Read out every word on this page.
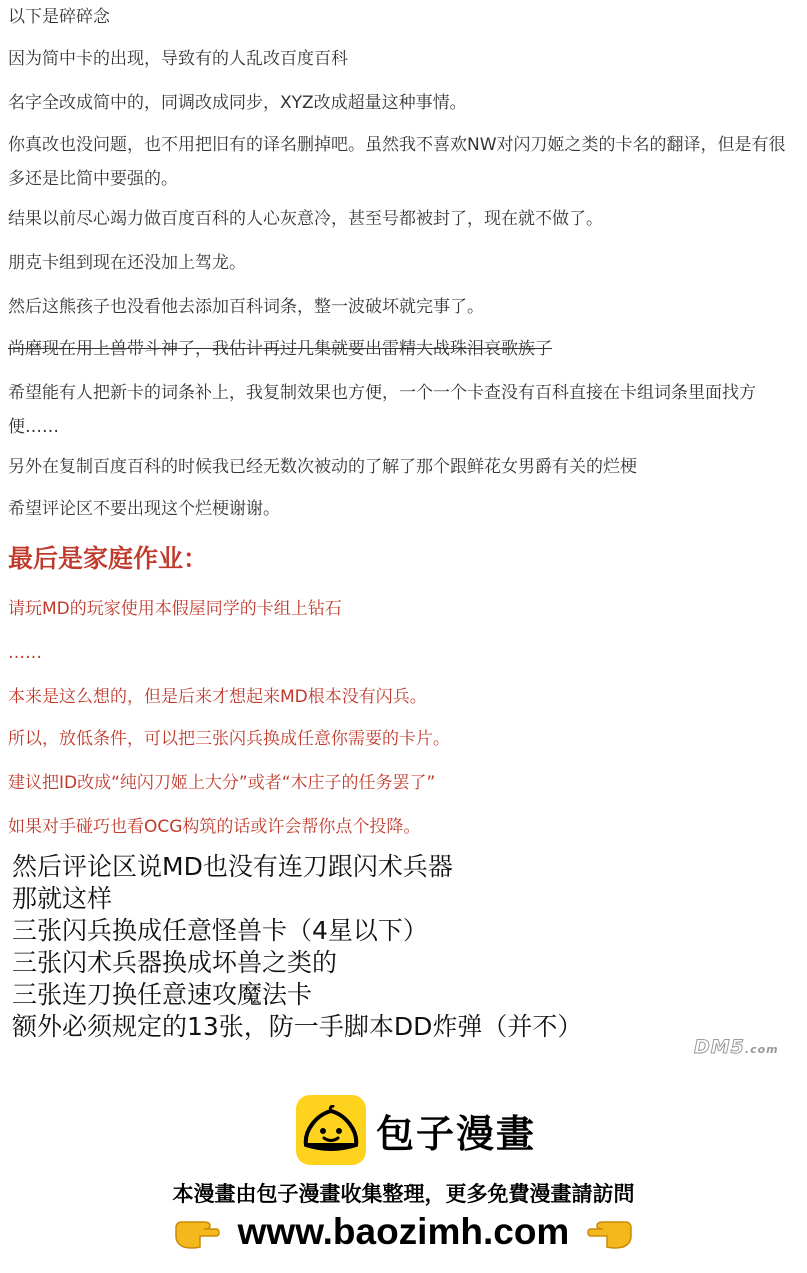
以下是碎碎念

因为简中卡的出现，导致有的人乱改百度百科

名字全改成简中的，同调改成同步，XYZ改成超量这种事情。

你真改也没问题，也不用把旧有的译名删掉吧。虽然我不喜欢NW对闪刀姬之类的卡名的翻译，但是有很多还是比简中要强的。

结果以前尽心竭力做百度百科的人心灰意冷，甚至号都被封了，现在就不做了。

朋克卡组到现在还没加上驾龙。

然后这熊孩子也没看他去添加百科词条，整一波破坏就完事了。

尚磨现在用上兽带斗神了，我估计再过几集就要出雷精大战珠泪哀歌族了

希望能有人把新卡的词条补上，我复制效果也方便，一个一个卡查没有百科直接在卡组词条里面找方便……

另外在复制百度百科的时候我已经无数次被动的了解了那个跟鲜花女男爵有关的烂梗

希望评论区不要出现这个烂梗谢谢。

最后是家庭作业：

请玩MD的玩家使用本假屋同学的卡组上钻石

……

本来是这么想的，但是后来才想起来MD根本没有闪兵。

所以，放低条件，可以把三张闪兵换成任意你需要的卡片。

建议把ID改成“纯闪刀姬上大分”或者“木庄子的任务罢了”

如果对手碰巧也看OCG构筑的话或许会帮你点个投降。

然后评论区说MD也没有连刀跟闪术兵器

那就这样

三张闪兵换成任意怪兽卡（4星以下）

三张闪术兵器换成坏兽之类的

三张连刀换任意速攻魔法卡

额外必须规定的13张，防一手脚本DD炸弹（并不）

DM5.com
包子漫畫
本漫畫由包子漫畫收集整理，更多免費漫畫請訪問
www.baozimh.com
